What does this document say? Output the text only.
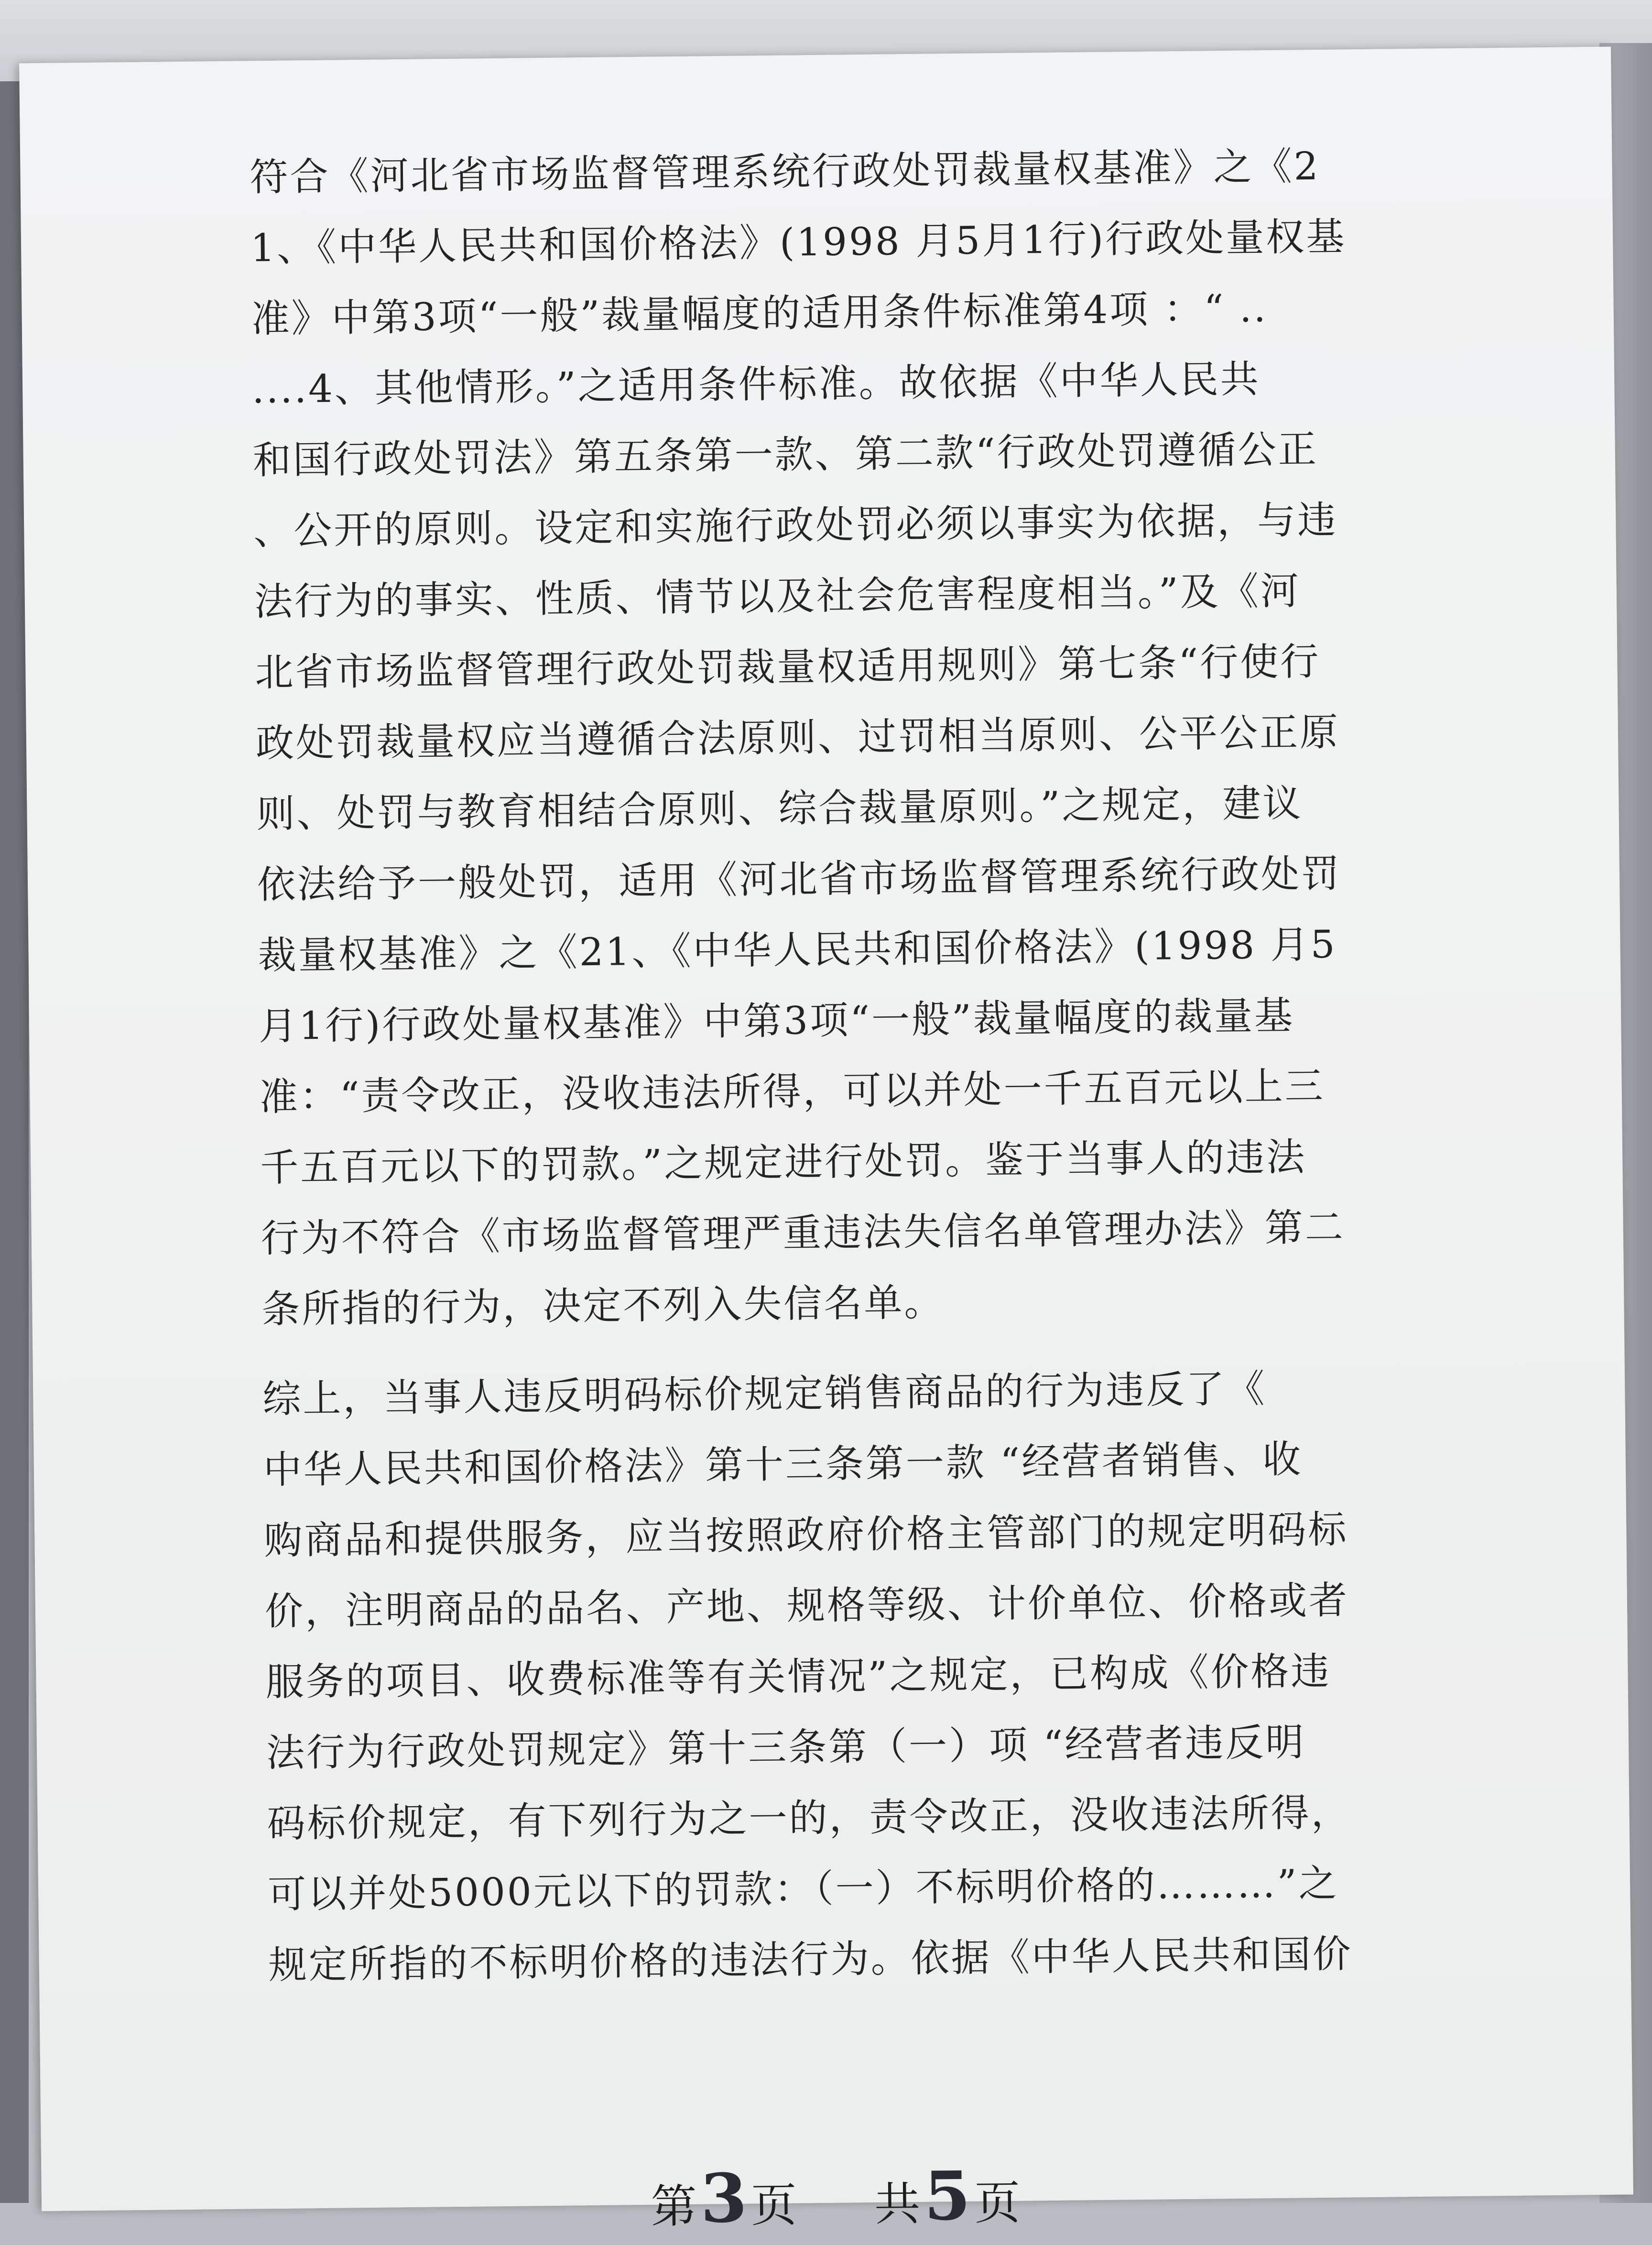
符合《河北省市场监督管理系统行政处罚裁量权基准》之《2
1、《中华人民共和国价格法》(1998 月5月1行)行政处量权基
准》中第3项“一般”裁量幅度的适用条件标准第4项 ：“ ..
....4、其他情形。”之适用条件标准。故依据《中华人民共
和国行政处罚法》第五条第一款、第二款“行政处罚遵循公正
、公开的原则。设定和实施行政处罚必须以事实为依据，与违
法行为的事实、性质、情节以及社会危害程度相当。”及《河
北省市场监督管理行政处罚裁量权适用规则》第七条“行使行
政处罚裁量权应当遵循合法原则、过罚相当原则、公平公正原
则、处罚与教育相结合原则、综合裁量原则。”之规定，建议
依法给予一般处罚，适用《河北省市场监督管理系统行政处罚
裁量权基准》之《21、《中华人民共和国价格法》(1998 月5
月1行)行政处量权基准》中第3项“一般”裁量幅度的裁量基
准：“责令改正，没收违法所得，可以并处一千五百元以上三
千五百元以下的罚款。”之规定进行处罚。鉴于当事人的违法
行为不符合《市场监督管理严重违法失信名单管理办法》第二
条所指的行为，决定不列入失信名单。
综上，当事人违反明码标价规定销售商品的行为违反了《
中华人民共和国价格法》第十三条第一款 “经营者销售、收
购商品和提供服务，应当按照政府价格主管部门的规定明码标
价，注明商品的品名、产地、规格等级、计价单位、价格或者
服务的项目、收费标准等有关情况”之规定，已构成《价格违
法行为行政处罚规定》第十三条第（一）项 “经营者违反明
码标价规定，有下列行为之一的，责令改正，没收违法所得，
可以并处5000元以下的罚款：（一）不标明价格的………”之
规定所指的不标明价格的违法行为。依据《中华人民共和国价
第3页 共5页
